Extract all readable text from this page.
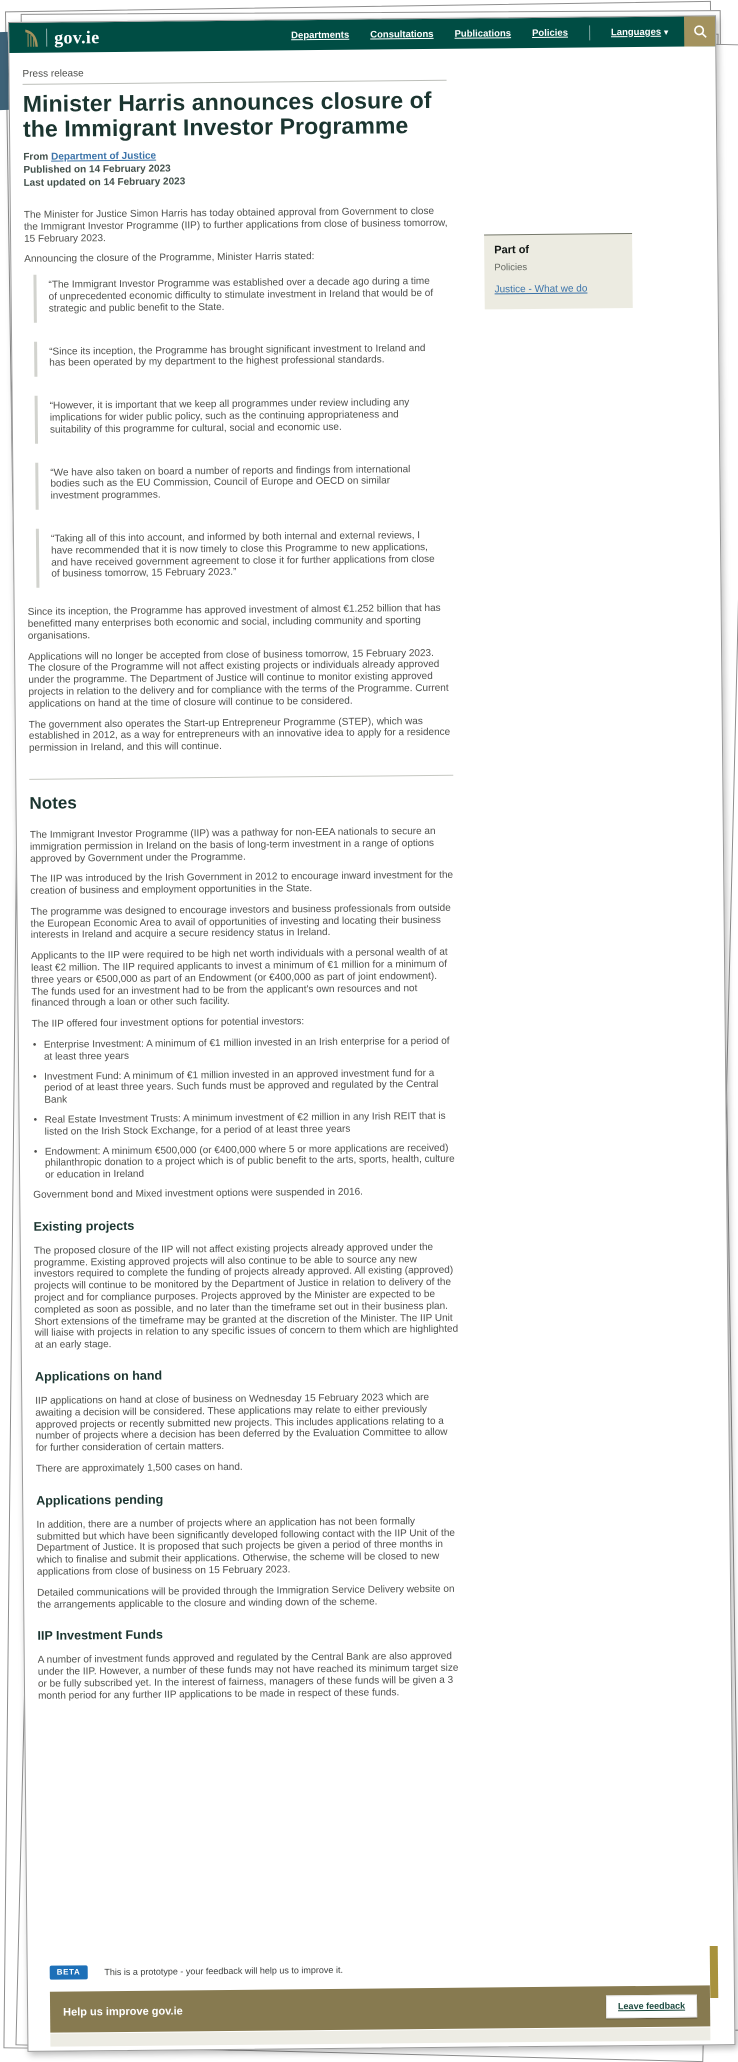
gov.ie	Departments Consultations Publications Policies	Languages ▾
Press release
Minister Harris announces closure of the Immigrant Investor Programme
From Department of Justice
Published on 14 February 2023
Last updated on 14 February 2023

The Minister for Justice Simon Harris has today obtained approval from Government to close the Immigrant Investor Programme (IIP) to further applications from close of business tomorrow, 15 February 2023.

Announcing the closure of the Programme, Minister Harris stated:

“The Immigrant Investor Programme was established over a decade ago during a time of unprecedented economic difficulty to stimulate investment in Ireland that would be of strategic and public benefit to the State.

“Since its inception, the Programme has brought significant investment to Ireland and has been operated by my department to the highest professional standards.

“However, it is important that we keep all programmes under review including any implications for wider public policy, such as the continuing appropriateness and suitability of this programme for cultural, social and economic use.

“We have also taken on board a number of reports and findings from international bodies such as the EU Commission, Council of Europe and OECD on similar investment programmes.

“Taking all of this into account, and informed by both internal and external reviews, I have recommended that it is now timely to close this Programme to new applications, and have received government agreement to close it for further applications from close of business tomorrow, 15 February 2023.”

Since its inception, the Programme has approved investment of almost €1.252 billion that has benefitted many enterprises both economic and social, including community and sporting organisations.

Applications will no longer be accepted from close of business tomorrow, 15 February 2023. The closure of the Programme will not affect existing projects or individuals already approved under the programme. The Department of Justice will continue to monitor existing approved projects in relation to the delivery and for compliance with the terms of the Programme. Current applications on hand at the time of closure will continue to be considered.

The government also operates the Start-up Entrepreneur Programme (STEP), which was established in 2012, as a way for entrepreneurs with an innovative idea to apply for a residence permission in Ireland, and this will continue.

Notes

The Immigrant Investor Programme (IIP) was a pathway for non-EEA nationals to secure an immigration permission in Ireland on the basis of long-term investment in a range of options approved by Government under the Programme.

The IIP was introduced by the Irish Government in 2012 to encourage inward investment for the creation of business and employment opportunities in the State.

The programme was designed to encourage investors and business professionals from outside the European Economic Area to avail of opportunities of investing and locating their business interests in Ireland and acquire a secure residency status in Ireland.

Applicants to the IIP were required to be high net worth individuals with a personal wealth of at least €2 million. The IIP required applicants to invest a minimum of €1 million for a minimum of three years or €500,000 as part of an Endowment (or €400,000 as part of joint endowment). The funds used for an investment had to be from the applicant's own resources and not financed through a loan or other such facility.

The IIP offered four investment options for potential investors:

• Enterprise Investment: A minimum of €1 million invested in an Irish enterprise for a period of at least three years
• Investment Fund: A minimum of €1 million invested in an approved investment fund for a period of at least three years. Such funds must be approved and regulated by the Central Bank
• Real Estate Investment Trusts: A minimum investment of €2 million in any Irish REIT that is listed on the Irish Stock Exchange, for a period of at least three years
• Endowment: A minimum €500,000 (or €400,000 where 5 or more applications are received) philanthropic donation to a project which is of public benefit to the arts, sports, health, culture or education in Ireland

Government bond and Mixed investment options were suspended in 2016.

Existing projects

The proposed closure of the IIP will not affect existing projects already approved under the programme. Existing approved projects will also continue to be able to source any new investors required to complete the funding of projects already approved. All existing (approved) projects will continue to be monitored by the Department of Justice in relation to delivery of the project and for compliance purposes. Projects approved by the Minister are expected to be completed as soon as possible, and no later than the timeframe set out in their business plan. Short extensions of the timeframe may be granted at the discretion of the Minister. The IIP Unit will liaise with projects in relation to any specific issues of concern to them which are highlighted at an early stage.

Applications on hand

IIP applications on hand at close of business on Wednesday 15 February 2023 which are awaiting a decision will be considered. These applications may relate to either previously approved projects or recently submitted new projects. This includes applications relating to a number of projects where a decision has been deferred by the Evaluation Committee to allow for further consideration of certain matters.

There are approximately 1,500 cases on hand.

Applications pending

In addition, there are a number of projects where an application has not been formally submitted but which have been significantly developed following contact with the IIP Unit of the Department of Justice. It is proposed that such projects be given a period of three months in which to finalise and submit their applications. Otherwise, the scheme will be closed to new applications from close of business on 15 February 2023.

Detailed communications will be provided through the Immigration Service Delivery website on the arrangements applicable to the closure and winding down of the scheme.

IIP Investment Funds

A number of investment funds approved and regulated by the Central Bank are also approved under the IIP. However, a number of these funds may not have reached its minimum target size or be fully subscribed yet. In the interest of fairness, managers of these funds will be given a 3 month period for any further IIP applications to be made in respect of these funds.

Part of
Policies
Justice - What we do
BETA	This is a prototype - your feedback will help us to improve it.
Help us improve gov.ie	Leave feedback
